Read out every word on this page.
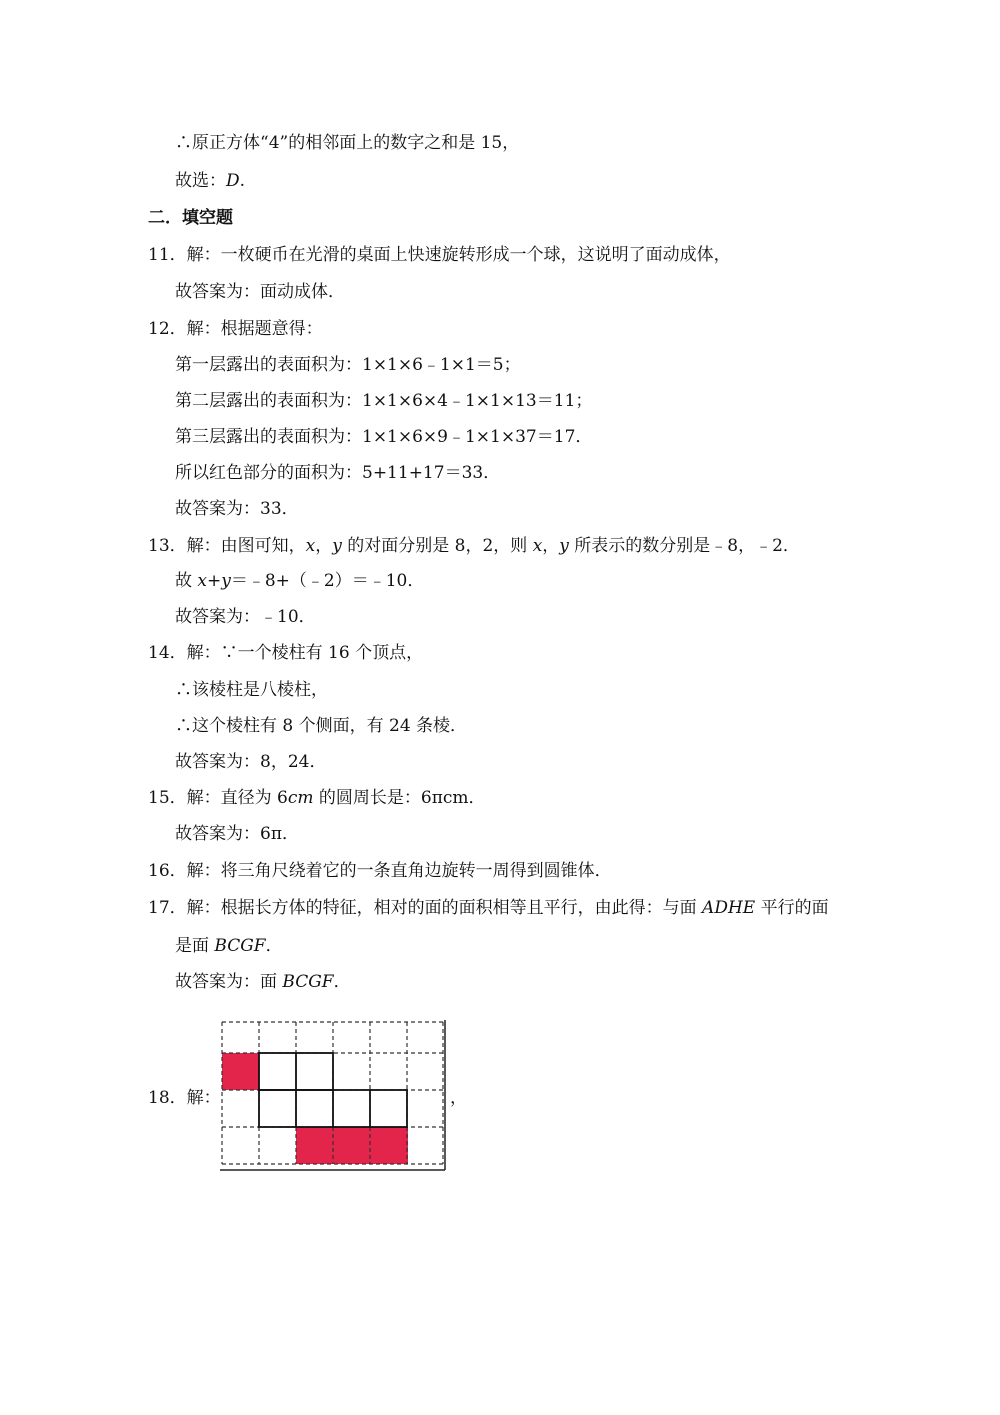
∴原正方体“4”的相邻面上的数字之和是 15，
故选：D.
二．填空题
11．解：一枚硬币在光滑的桌面上快速旋转形成一个球，这说明了面动成体，
故答案为：面动成体．
12．解：根据题意得：
第一层露出的表面积为：1×1×6﹣1×1＝5；
第二层露出的表面积为：1×1×6×4﹣1×1×13＝11；
第三层露出的表面积为：1×1×6×9﹣1×1×37＝17．
所以红色部分的面积为：5+11+17＝33．
故答案为：33．
13．解：由图可知，x，y 的对面分别是 8，2，则 x，y 所表示的数分别是﹣8，﹣2．
故 x+y＝﹣8+（﹣2）＝﹣10．
故答案为：﹣10．
14．解：∵一个棱柱有 16 个顶点，
∴该棱柱是八棱柱，
∴这个棱柱有 8 个侧面，有 24 条棱．
故答案为：8，24．
15．解：直径为 6cm 的圆周长是：6πcm．
故答案为：6π．
16．解：将三角尺绕着它的一条直角边旋转一周得到圆锥体．
17．解：根据长方体的特征，相对的面的面积相等且平行，由此得：与面 ADHE 平行的面
是面 BCGF．
故答案为：面 BCGF．
18．解：	，
